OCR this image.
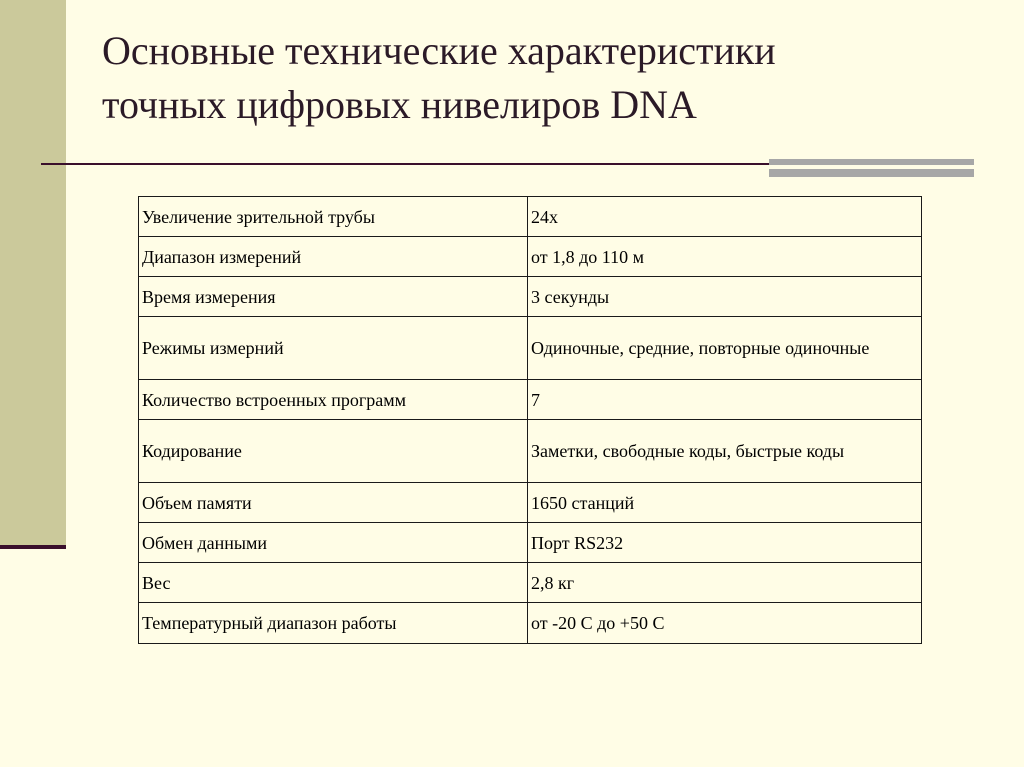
Основные технические характеристики
точных цифровых нивелиров DNA
Увеличение зрительной трубы	24х
Диапазон измерений	от 1,8 до 110 м
Время измерения	3 секунды
Режимы измерний	Одиночные, средние, повторные одиночные
Количество встроенных программ	7
Кодирование	Заметки, свободные коды, быстрые коды
Объем памяти	1650 станций
Обмен данными	Порт RS232
Вес	2,8 кг
Температурный диапазон работы	от -20 С до +50 С
